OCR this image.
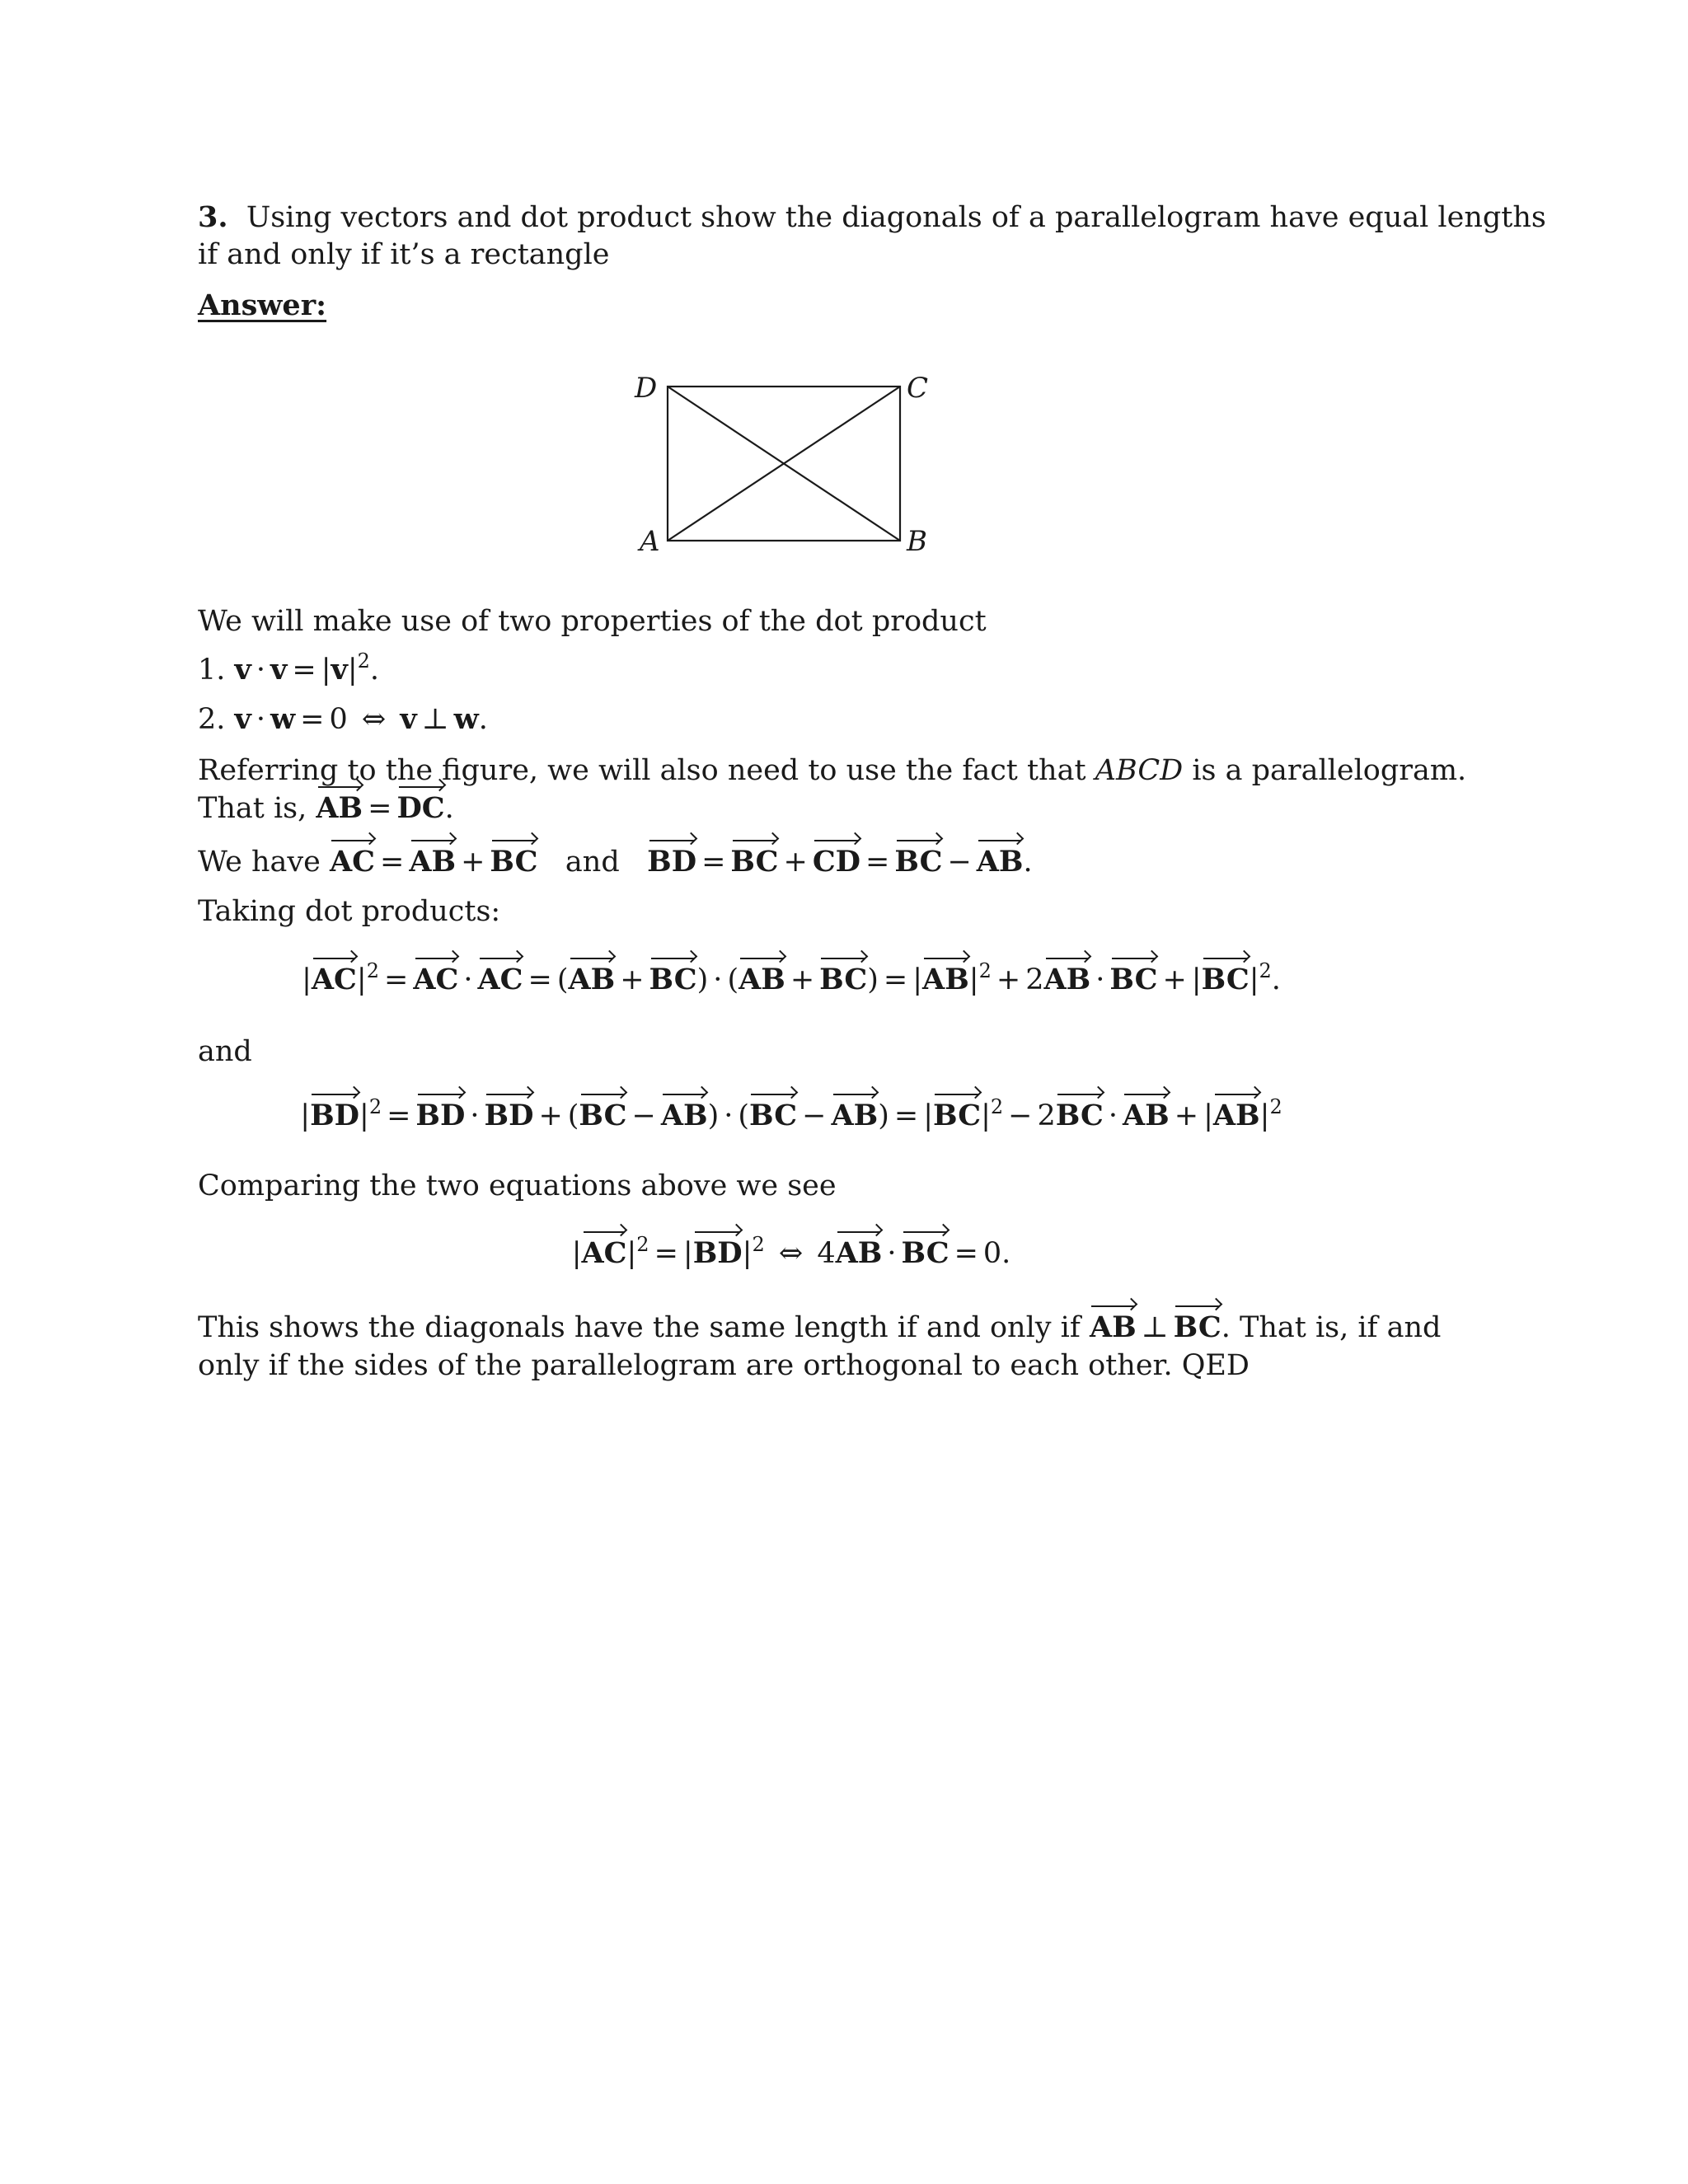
3. Using vectors and dot product show the diagonals of a parallelogram have equal lengths
if and only if it’s a rectangle
Answer:
D	C
A	B
We will make use of two properties of the dot product
1. $v \cdot v = |v|^2$.
2. v · w = 0 ⇔ v ⊥ w.
Referring to the figure, we will also need to use the fact that ABCD is a parallelogram.
That is, AB = DC.
We have AC = AB + BC and BD = BC + CD = BC − AB.
Taking dot products:
$|AC|^2$ = AC · AC = $(AB + BC) \cdot (AB + BC) = |AB|^2 + 2AB$ · BC + $|BC|^2$.
and
$|BD|^2$ = BD · BD + $(BC - AB) \cdot (BC - AB) = |BC|^2 - 2BC$ · AB + $|AB|^2$
Comparing the two equations above we see
$|AC|^2 = |BD|^2$ ⇔ 4AB · BC = 0.
This shows the diagonals have the same length if and only if AB ⊥ BC. That is, if and
only if the sides of the parallelogram are orthogonal to each other. QED
